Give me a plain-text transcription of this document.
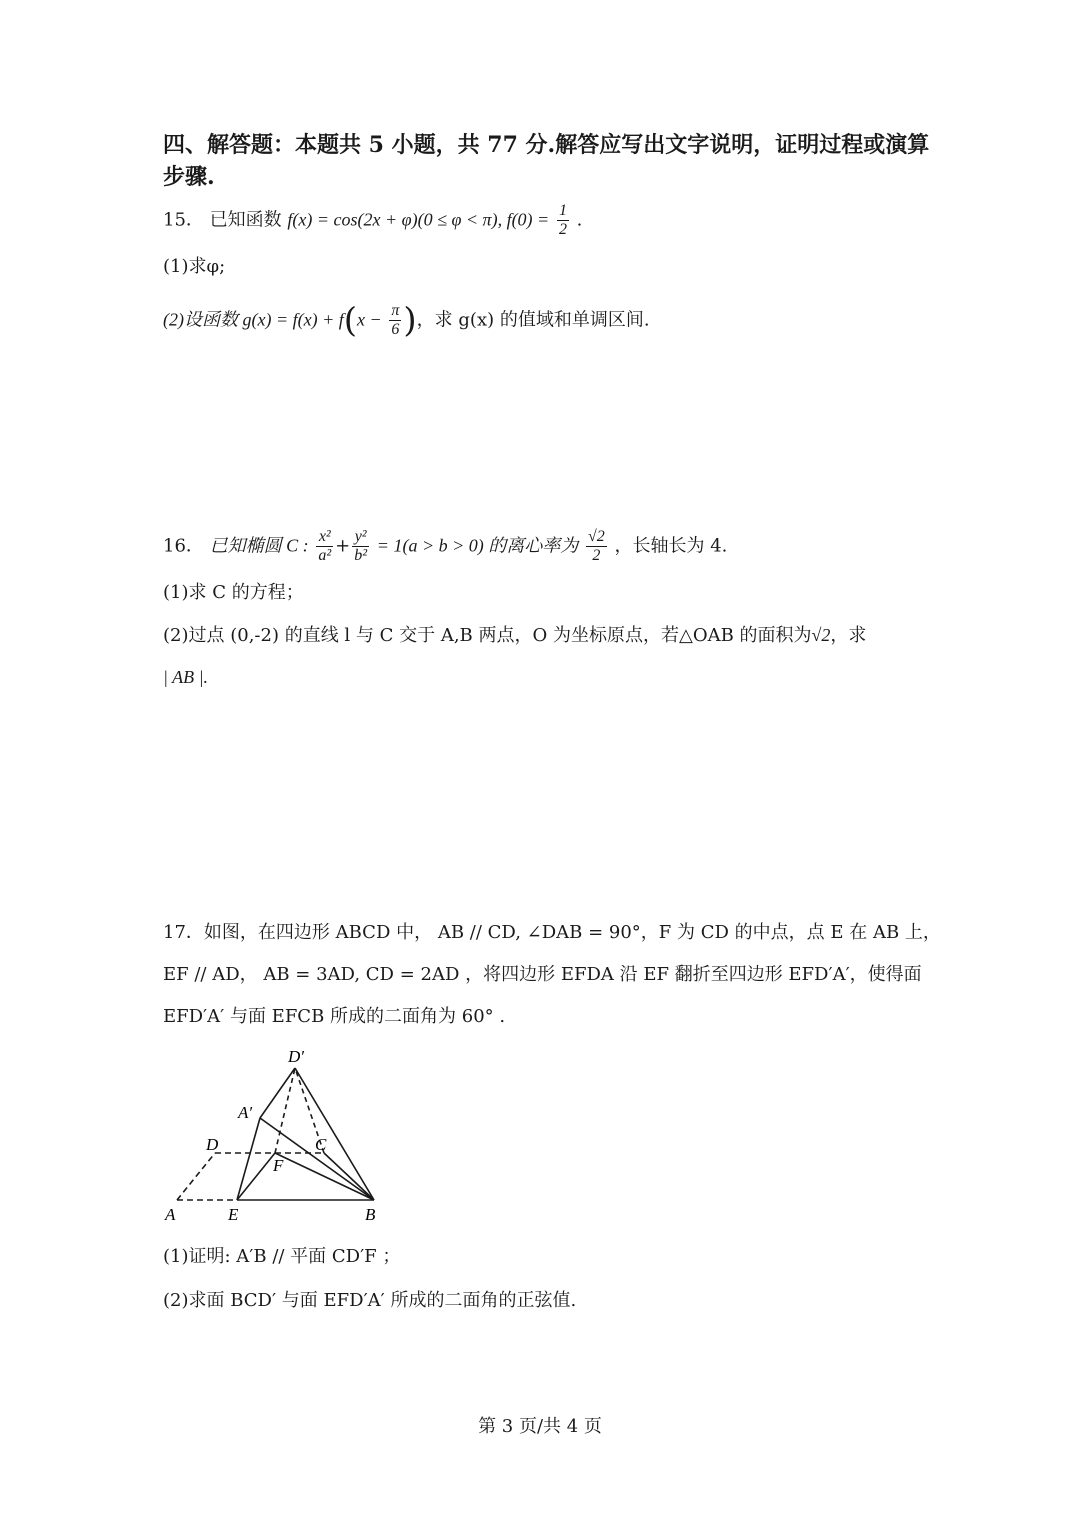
四、解答题：本题共 5 小题，共 77 分.解答应写出文字说明，证明过程或演算
步骤.
15． 已知函数 f(x) = cos(2x + φ)(0 ≤ φ < π), $f(0) = \frac{1}{2}$ .
(1)求φ;
(2)设函数 $g(x) = f(x) + f(x - \frac{\pi}{6}$ )，求 g(x) 的值域和单调区间.
16． 已知椭圆 C : $\frac{\text{x²}}{\text{a²}} + \frac{\text{y²}}{\text{b²}} = 1(a > b > 0)$ 的离心率为 $\frac{√2}{2}$ ，长轴长为 4.
(1)求 C 的方程；
(2)过点 (0,-2) 的直线 l 与 C 交于 A,B 两点，O 为坐标原点，若△OAB 的面积为√2，求
| AB |.
17．如图，在四边形 ABCD 中， AB // CD, ∠DAB = 90°，F 为 CD 的中点，点 E 在 AB 上，
EF // AD， AB = 3AD, CD = 2AD ，将四边形 EFDA 沿 EF 翻折至四边形 EFD′A′，使得面
EFD′A′ 与面 EFCB 所成的二面角为 60° .
D′
A′
D	C
F
A	E	B
(1)证明: A′B // 平面 CD′F ；
(2)求面 BCD′ 与面 EFD′A′ 所成的二面角的正弦值.
第 3 页/共 4 页
